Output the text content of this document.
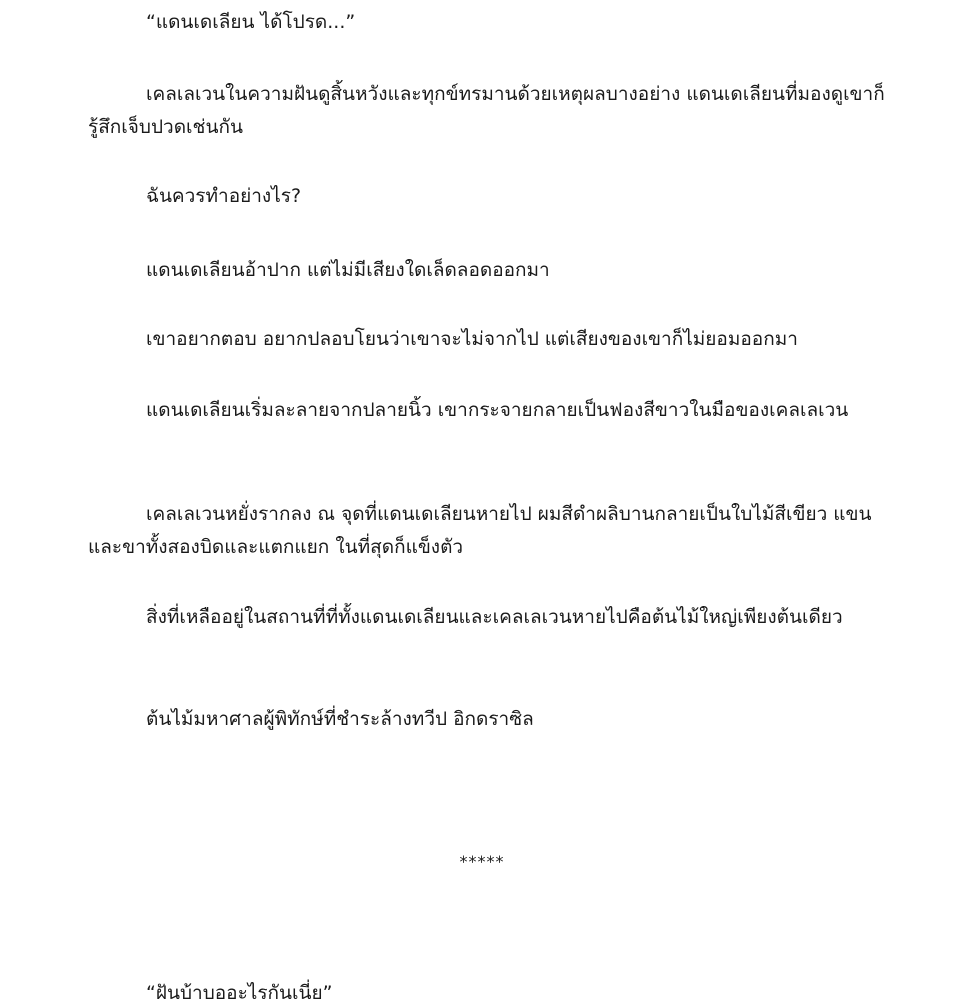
“แดนเดเลียน ได้โปรด...”

เคลเลเวนในความฝันดูสิ้นหวังและทุกข์ทรมานด้วยเหตุผลบางอย่าง แดนเดเลียนที่มองดูเขาก็รู้สึกเจ็บปวดเช่นกัน

ฉันควรทำอย่างไร?

แดนเดเลียนอ้าปาก แต่ไม่มีเสียงใดเล็ดลอดออกมา

เขาอยากตอบ อยากปลอบโยนว่าเขาจะไม่จากไป แต่เสียงของเขาก็ไม่ยอมออกมา

แดนเดเลียนเริ่มละลายจากปลายนิ้ว เขากระจายกลายเป็นฟองสีขาวในมือของเคลเลเวน

เคลเลเวนหยั่งรากลง ณ จุดที่แดนเดเลียนหายไป ผมสีดำผลิบานกลายเป็นใบไม้สีเขียว แขนและขาทั้งสองบิดและแตกแยก ในที่สุดก็แข็งตัว

สิ่งที่เหลืออยู่ในสถานที่ที่ทั้งแดนเดเลียนและเคลเลเวนหายไปคือต้นไม้ใหญ่เพียงต้นเดียว

ต้นไม้มหาศาลผู้พิทักษ์ที่ชำระล้างทวีป อิกดราซิล

*****

“ฝันบ้าบออะไรกันเนี่ย”
